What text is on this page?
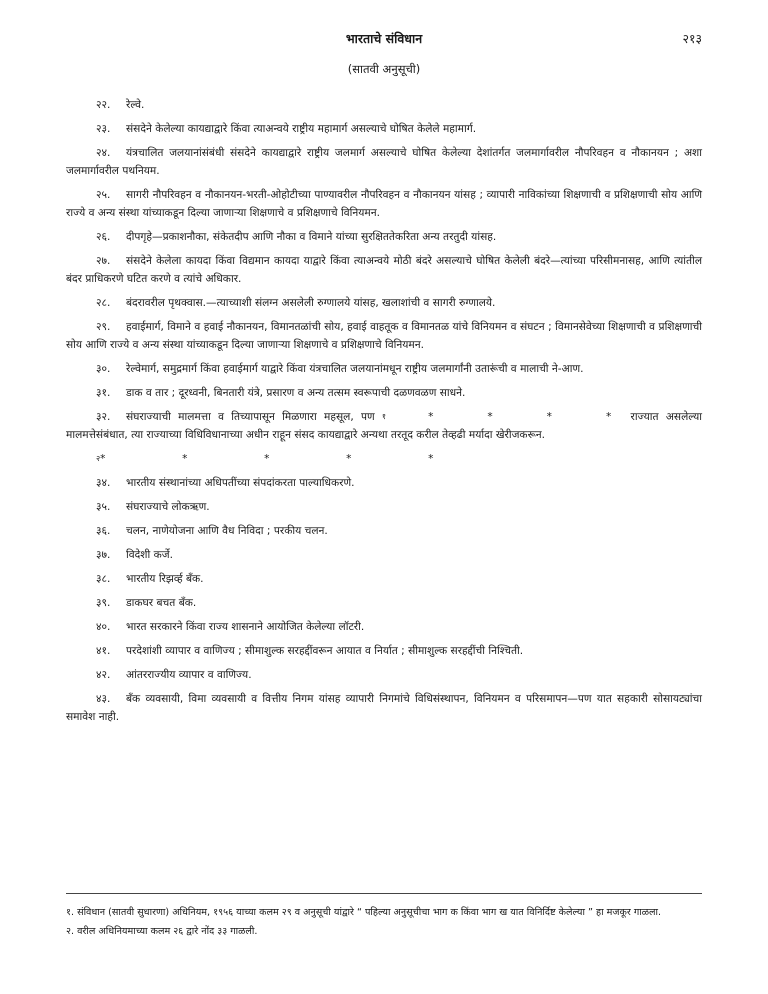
भारताचे संविधान	२१३
(सातवी अनुसूची)

२२. रेल्वे.

२३. संसदेने केलेल्या कायद्याद्वारे किंवा त्याअन्वये राष्ट्रीय महामार्ग असल्याचे घोषित केलेले महामार्ग.

२४. यंत्रचालित जलयानांसंबंधी संसदेने कायद्याद्वारे राष्ट्रीय जलमार्ग असल्याचे घोषित केलेल्या देशांतर्गत जलमार्गावरील नौपरिवहन व नौकानयन ; अशा जलमार्गावरील पथनियम.

२५. सागरी नौपरिवहन व नौकानयन-भरती-ओहोटीच्या पाण्यावरील नौपरिवहन व नौकानयन यांसह ; व्यापारी नाविकांच्या शिक्षणाची व प्रशिक्षणाची सोय आणि राज्ये व अन्य संस्था यांच्याकडून दिल्या जाणाऱ्या शिक्षणाचे व प्रशिक्षणाचे विनियमन.

२६. दीपगृहे—प्रकाशनौका, संकेतदीप आणि नौका व विमाने यांच्या सुरक्षिततेकरिता अन्य तरतुदी यांसह.

२७. संसदेने केलेला कायदा किंवा विद्यमान कायदा याद्वारे किंवा त्याअन्वये मोठी बंदरे असल्याचे घोषित केलेली बंदरे—त्यांच्या परिसीमनासह, आणि त्यांतील बंदर प्राधिकरणे घटित करणे व त्यांचे अधिकार.

२८. बंदरावरील पृथक्वास.—त्याच्याशी संलग्न असलेली रुग्णालये यांसह, खलाशांची व सागरी रुग्णालये.

२९. हवाईमार्ग, विमाने व हवाई नौकानयन, विमानतळांची सोय, हवाई वाहतूक व विमानतळ यांचे विनियमन व संघटन ; विमानसेवेच्या शिक्षणाची व प्रशिक्षणाची सोय आणि राज्ये व अन्य संस्था यांच्याकडून दिल्या जाणाऱ्या शिक्षणाचे व प्रशिक्षणाचे विनियमन.

३०. रेल्वेमार्ग, समुद्रमार्ग किंवा हवाईमार्ग याद्वारे किंवा यंत्रचालित जलयानांमधून राष्ट्रीय जलमार्गांनी उतारूंची व मालाची ने-आण.

३१. डाक व तार ; दूरध्वनी, बिनतारी यंत्रे, प्रसारण व अन्य तत्सम स्वरूपाची दळणवळण साधने.

३२. संघराज्याची मालमत्ता व तिच्यापासून मिळणारा महसूल, पण $^१$	*	*	*	* राज्यात असलेल्या मालमत्तेसंबंधात, त्या राज्याच्या विधिविधानाच्या अधीन राहून संसद कायद्याद्वारे अन्यथा तरतूद करील तेव्हढी मर्यादा खेरीजकरून.

$^२$*	*	*	*	*

३४. भारतीय संस्थानांच्या अधिपतींच्या संपदांकरता पाल्याधिकरणे.

३५. संघराज्याचे लोकऋण.

३६. चलन, नाणेयोजना आणि वैध निविदा ; परकीय चलन.

३७. विदेशी कर्जे.

३८. भारतीय रिझर्व्ह बँक.

३९. डाकघर बचत बँक.

४०. भारत सरकारने किंवा राज्य शासनाने आयोजित केलेल्या लॉटरी.

४१. परदेशांशी व्यापार व वाणिज्य ; सीमाशुल्क सरहद्दींवरून आयात व निर्यात ; सीमाशुल्क सरहद्दींची निश्चिती.

४२. आंतरराज्यीय व्यापार व वाणिज्य.

४३. बँक व्यवसायी, विमा व्यवसायी व वित्तीय निगम यांसह व्यापारी निगमांचे विधिसंस्थापन, विनियमन व परिसमापन—पण यात सहकारी सोसायट्यांचा समावेश नाही.

१. संविधान (सातवी सुधारणा) अधिनियम, १९५६ याच्या कलम २९ व अनुसूची यांद्वारे “ पहिल्या अनुसूचीचा भाग क किंवा भाग ख यात विनिर्दिष्ट केलेल्या ” हा मजकूर गाळला.

२. वरील अधिनियमाच्या कलम २६ द्वारे नोंद ३३ गाळली.
